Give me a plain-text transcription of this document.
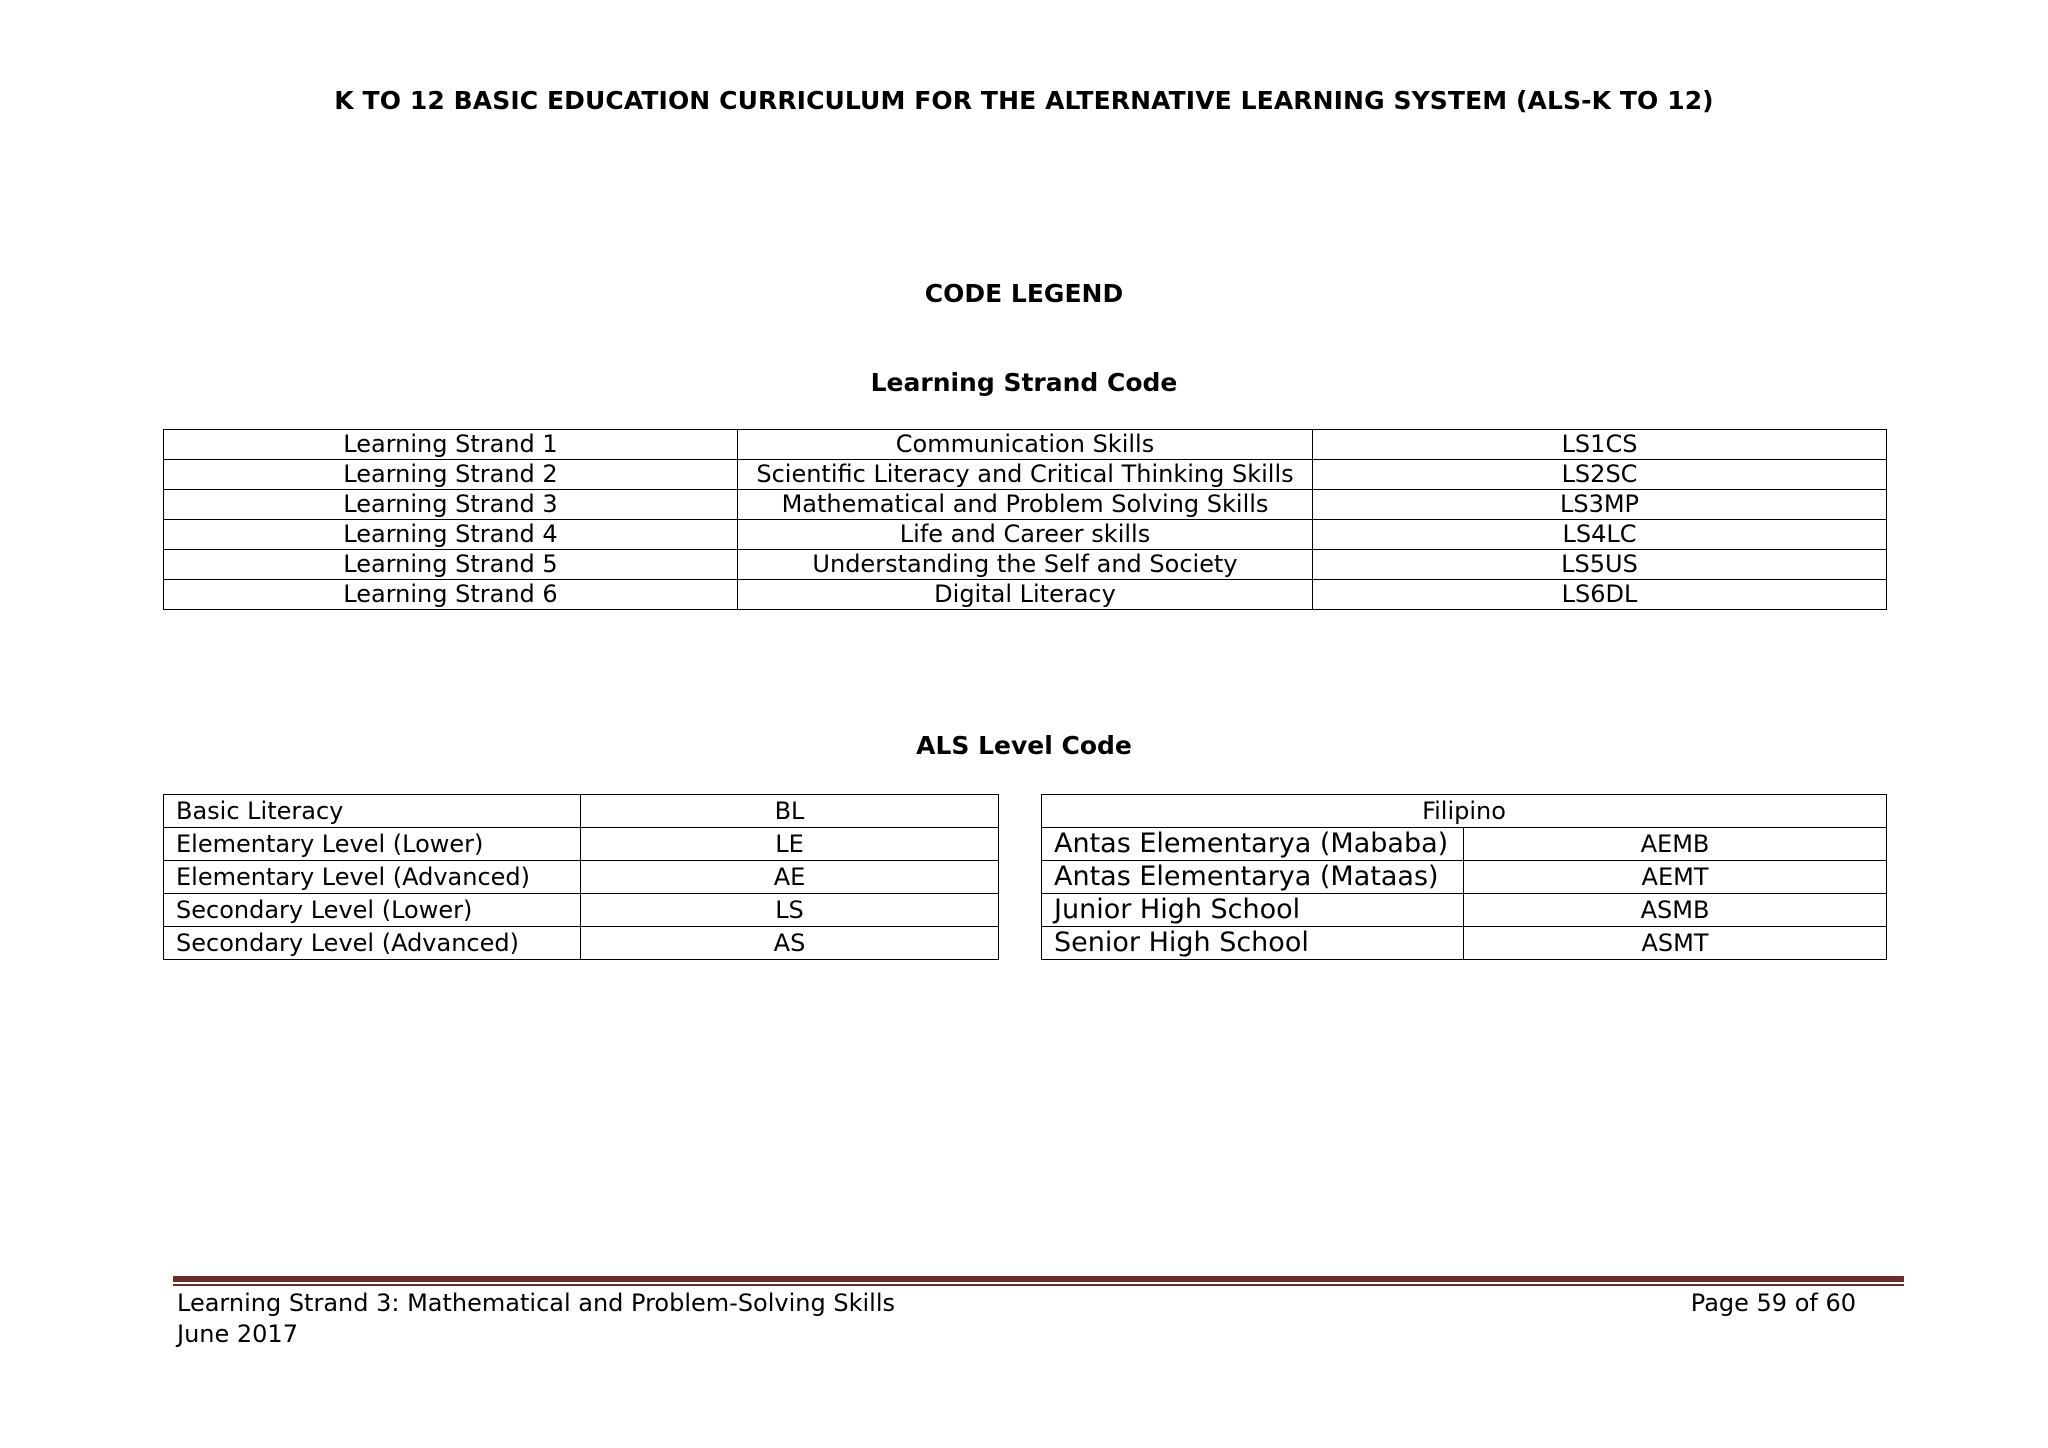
K TO 12 BASIC EDUCATION CURRICULUM FOR THE ALTERNATIVE LEARNING SYSTEM (ALS-K TO 12)
CODE LEGEND
Learning Strand Code
Learning Strand 1	Communication Skills	LS1CS
Learning Strand 2	Scientific Literacy and Critical Thinking Skills	LS2SC
Learning Strand 3	Mathematical and Problem Solving Skills	LS3MP
Learning Strand 4	Life and Career skills	LS4LC
Learning Strand 5	Understanding the Self and Society	LS5US
Learning Strand 6	Digital Literacy	LS6DL
ALS Level Code
Basic Literacy	BL
Elementary Level (Lower)	LE
Elementary Level (Advanced)	AE
Secondary Level (Lower)	LS
Secondary Level (Advanced)	AS
Filipino	
Antas Elementarya (Mababa)	AEMB
Antas Elementarya (Mataas)	AEMT
Junior High School	ASMB
Senior High School	ASMT
Learning Strand 3: Mathematical and Problem-Solving Skills
June 2017
Page 59 of 60
